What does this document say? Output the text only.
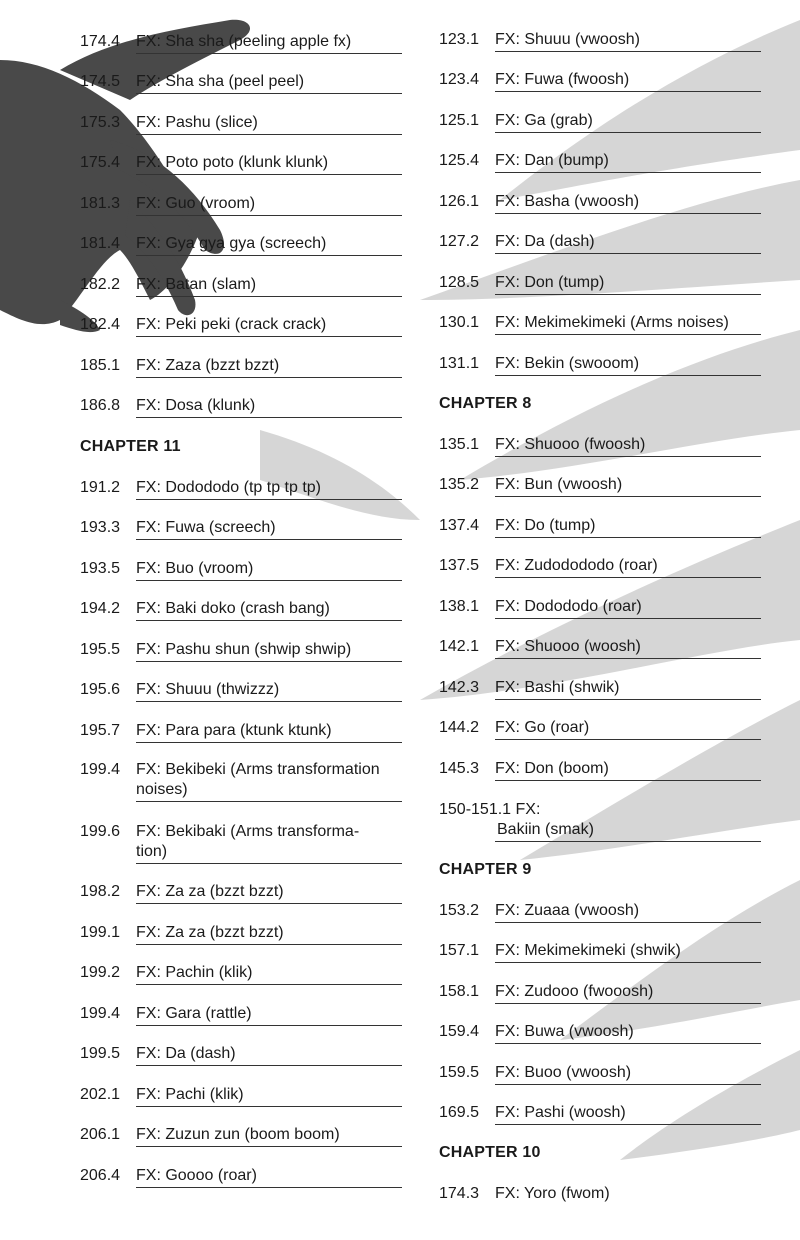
174.4 FX: Sha sha (peeling apple fx)
174.5 FX: Sha sha (peel peel)
175.3 FX: Pashu (slice)
175.4 FX: Poto poto (klunk klunk)
181.3 FX: Guo (vroom)
181.4 FX: Gya gya gya (screech)
182.2 FX: Batan (slam)
182.4 FX: Peki peki (crack crack)
185.1 FX: Zaza (bzzt bzzt)
186.8 FX: Dosa (klunk)
CHAPTER 11
191.2 FX: Dodododo (tp tp tp tp)
193.3 FX: Fuwa (screech)
193.5 FX: Buo (vroom)
194.2 FX: Baki doko (crash bang)
195.5 FX: Pashu shun (shwip shwip)
195.6 FX: Shuuu (thwizzz)
195.7 FX: Para para (ktunk ktunk)
199.4 FX: Bekibeki (Arms transformation
noises)
199.6 FX: Bekibaki (Arms transforma-
tion)
198.2 FX: Za za (bzzt bzzt)
199.1 FX: Za za (bzzt bzzt)
199.2 FX: Pachin (klik)
199.4 FX: Gara (rattle)
199.5 FX: Da (dash)
202.1 FX: Pachi (klik)
206.1 FX: Zuzun zun (boom boom)
206.4 FX: Goooo (roar)
123.1 FX: Shuuu (vwoosh)
123.4 FX: Fuwa (fwoosh)
125.1 FX: Ga (grab)
125.4 FX: Dan (bump)
126.1 FX: Basha (vwoosh)
127.2 FX: Da (dash)
128.5 FX: Don (tump)
130.1 FX: Mekimekimeki (Arms noises)
131.1 FX: Bekin (swooom)
CHAPTER 8
135.1 FX: Shuooo (fwoosh)
135.2 FX: Bun (vwoosh)
137.4 FX: Do (tump)
137.5 FX: Zudodododo (roar)
138.1 FX: Dodododo (roar)
142.1 FX: Shuooo (woosh)
142.3 FX: Bashi (shwik)
144.2 FX: Go (roar)
145.3 FX: Don (boom)
150-151.1 FX:
Bakiin (smak)
CHAPTER 9
153.2 FX: Zuaaa (vwoosh)
157.1 FX: Mekimekimeki (shwik)
158.1 FX: Zudooo (fwooosh)
159.4 FX: Buwa (vwoosh)
159.5 FX: Buoo (vwoosh)
169.5 FX: Pashi (woosh)
CHAPTER 10
174.3 FX: Yoro (fwom)
